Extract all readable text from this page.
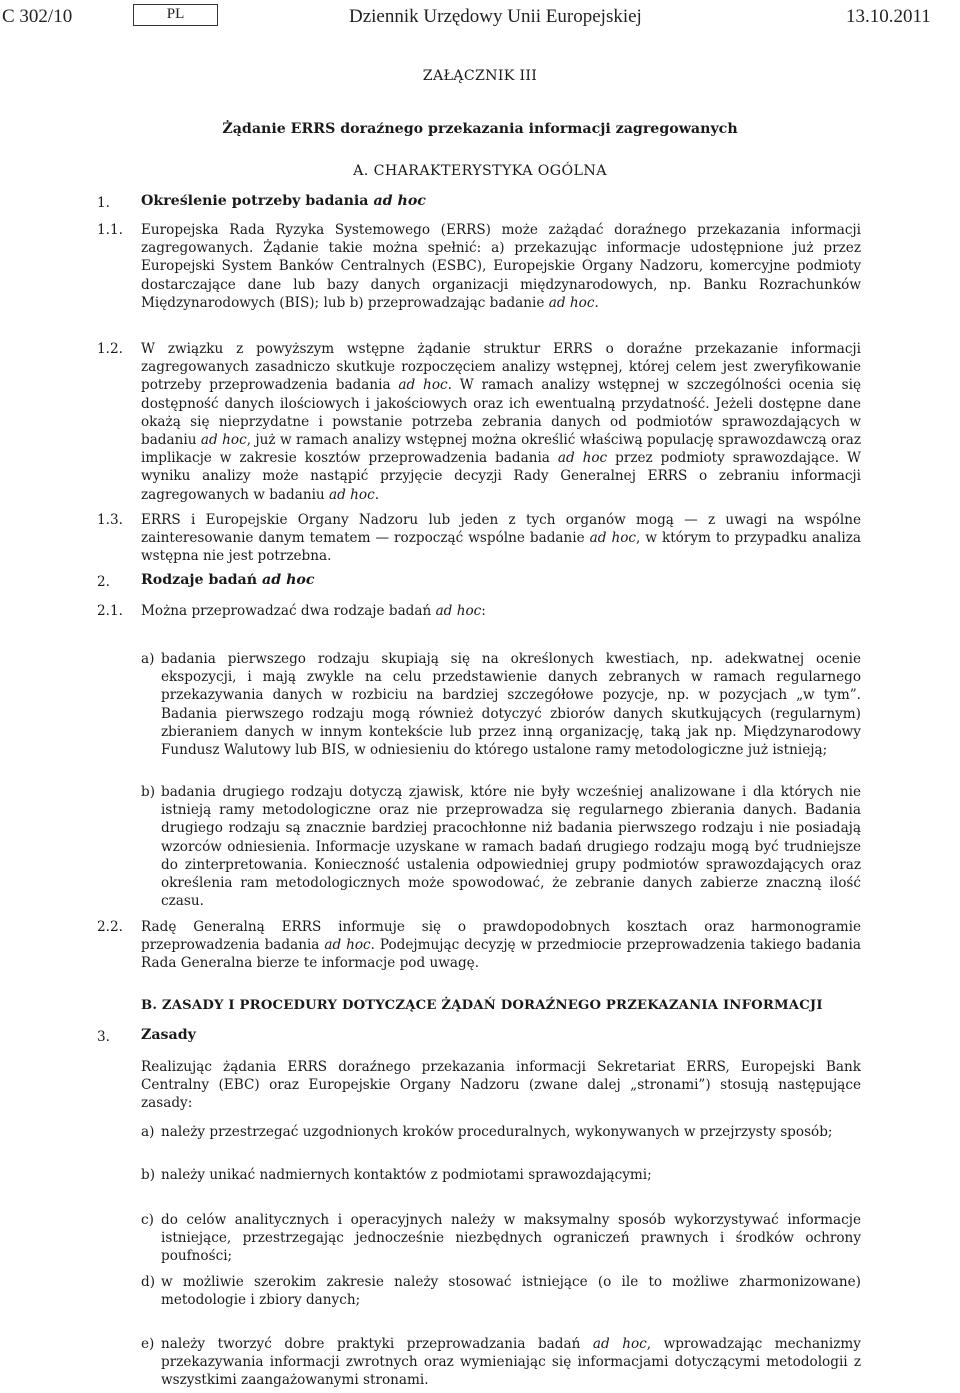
C 302/10	PL	Dziennik Urzędowy Unii Europejskiej	13.10.2011
ZAŁĄCZNIK III
Żądanie ERRS doraźnego przekazania informacji zagregowanych
A. CHARAKTERYSTYKA OGÓLNA
1. Określenie potrzeby badania ad hoc
1.1. Europejska Rada Ryzyka Systemowego (ERRS) może zażądać doraźnego przekazania informacji zagregowanych. Żądanie takie można spełnić: a) przekazując informacje udostępnione już przez Europejski System Banków Centralnych (ESBC), Europejskie Organy Nadzoru, komercyjne podmioty dostarczające dane lub bazy danych organizacji międzynarodowych, np. Banku Rozrachunków Międzynarodowych (BIS); lub b) przeprowadzając badanie ad hoc.
1.2. W związku z powyższym wstępne żądanie struktur ERRS o doraźne przekazanie informacji zagregowanych zasadniczo skutkuje rozpoczęciem analizy wstępnej, której celem jest zweryfikowanie potrzeby przeprowadzenia badania ad hoc. W ramach analizy wstępnej w szczególności ocenia się dostępność danych ilościowych i jakościowych oraz ich ewentualną przydatność. Jeżeli dostępne dane okażą się nieprzydatne i powstanie potrzeba zebrania danych od podmiotów sprawozdających w badaniu ad hoc, już w ramach analizy wstępnej można określić właściwą populację sprawozdawczą oraz implikacje w zakresie kosztów przeprowadzenia badania ad hoc przez podmioty sprawozdające. W wyniku analizy może nastąpić przyjęcie decyzji Rady Generalnej ERRS o zebraniu informacji zagregowanych w badaniu ad hoc.
1.3. ERRS i Europejskie Organy Nadzoru lub jeden z tych organów mogą — z uwagi na wspólne zainteresowanie danym tematem — rozpocząć wspólne badanie ad hoc, w którym to przypadku analiza wstępna nie jest potrzebna.
2. Rodzaje badań ad hoc
2.1. Można przeprowadzać dwa rodzaje badań ad hoc:
a) badania pierwszego rodzaju skupiają się na określonych kwestiach, np. adekwatnej ocenie ekspozycji, i mają zwykle na celu przedstawienie danych zebranych w ramach regularnego przekazywania danych w rozbiciu na bardziej szczegółowe pozycje, np. w pozycjach „w tym”. Badania pierwszego rodzaju mogą również dotyczyć zbiorów danych skutkujących (regularnym) zbieraniem danych w innym kontekście lub przez inną organizację, taką jak np. Międzynarodowy Fundusz Walutowy lub BIS, w odniesieniu do którego ustalone ramy metodologiczne już istnieją;
b) badania drugiego rodzaju dotyczą zjawisk, które nie były wcześniej analizowane i dla których nie istnieją ramy metodologiczne oraz nie przeprowadza się regularnego zbierania danych. Badania drugiego rodzaju są znacznie bardziej pracochłonne niż badania pierwszego rodzaju i nie posiadają wzorców odniesienia. Informacje uzyskane w ramach badań drugiego rodzaju mogą być trudniejsze do zinterpretowania. Konieczność ustalenia odpowiedniej grupy podmiotów sprawozdających oraz określenia ram metodologicznych może spowodować, że zebranie danych zabierze znaczną ilość czasu.
2.2. Radę Generalną ERRS informuje się o prawdopodobnych kosztach oraz harmonogramie przeprowadzenia badania ad hoc. Podejmując decyzję w przedmiocie przeprowadzenia takiego badania Rada Generalna bierze te informacje pod uwagę.
B. ZASADY I PROCEDURY DOTYCZĄCE ŻĄDAŃ DORAŹNEGO PRZEKAZANIA INFORMACJI
3. Zasady
Realizując żądania ERRS doraźnego przekazania informacji Sekretariat ERRS, Europejski Bank Centralny (EBC) oraz Europejskie Organy Nadzoru (zwane dalej „stronami”) stosują następujące zasady:
a) należy przestrzegać uzgodnionych kroków proceduralnych, wykonywanych w przejrzysty sposób;
b) należy unikać nadmiernych kontaktów z podmiotami sprawozdającymi;
c) do celów analitycznych i operacyjnych należy w maksymalny sposób wykorzystywać informacje istniejące, przestrzegając jednocześnie niezbędnych ograniczeń prawnych i środków ochrony poufności;
d) w możliwie szerokim zakresie należy stosować istniejące (o ile to możliwe zharmonizowane) metodologie i zbiory danych;
e) należy tworzyć dobre praktyki przeprowadzania badań ad hoc, wprowadzając mechanizmy przekazywania informacji zwrotnych oraz wymieniając się informacjami dotyczącymi metodologii z wszystkimi zaangażowanymi stronami.
